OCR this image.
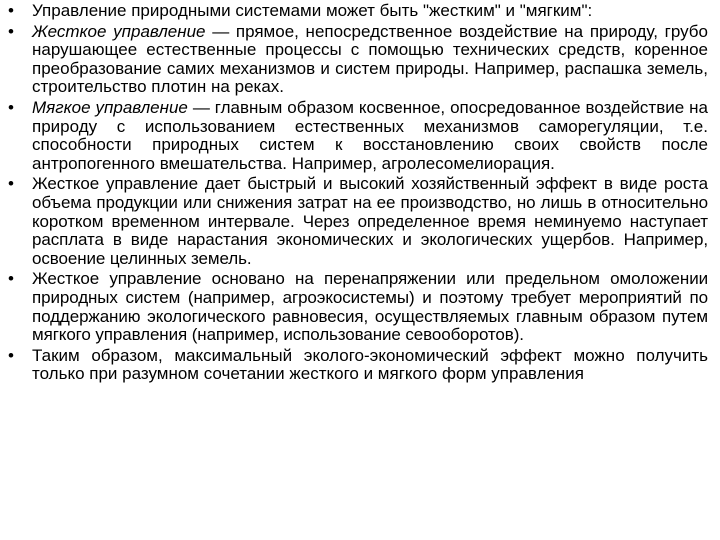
•	Управление природными системами может быть "жестким" и "мягким":
•	Жесткое управление — прямое, непосредственное воздействие на природу, грубо нарушающее естественные процессы с помощью технических средств, коренное преобразование самих механизмов и систем природы. Например, распашка земель, строительство плотин на реках.
•	Мягкое управление — главным образом косвенное, опосредованное воздействие на природу с использованием естественных механизмов саморегуляции, т.е. способности природных систем к восстановлению своих свойств после антропогенного вмешательства. Например, агролесомелиорация.
•	Жесткое управление дает быстрый и высокий хозяйственный эффект в виде роста объема продукции или снижения затрат на ее производство, но лишь в относительно коротком временном интервале. Через определенное время неминуемо наступает расплата в виде нарастания экономических и экологических ущербов. Например, освоение целинных земель.
•	Жесткое управление основано на перенапряжении или предельном омоложении природных систем (например, агроэкосистемы) и поэтому требует мероприятий по поддержанию экологического равновесия, осуществляемых главным образом путем мягкого управления (например, использование севооборотов).
•	Таким образом, максимальный эколого-экономический эффект можно получить только при разумном сочетании жесткого и мягкого форм управления
